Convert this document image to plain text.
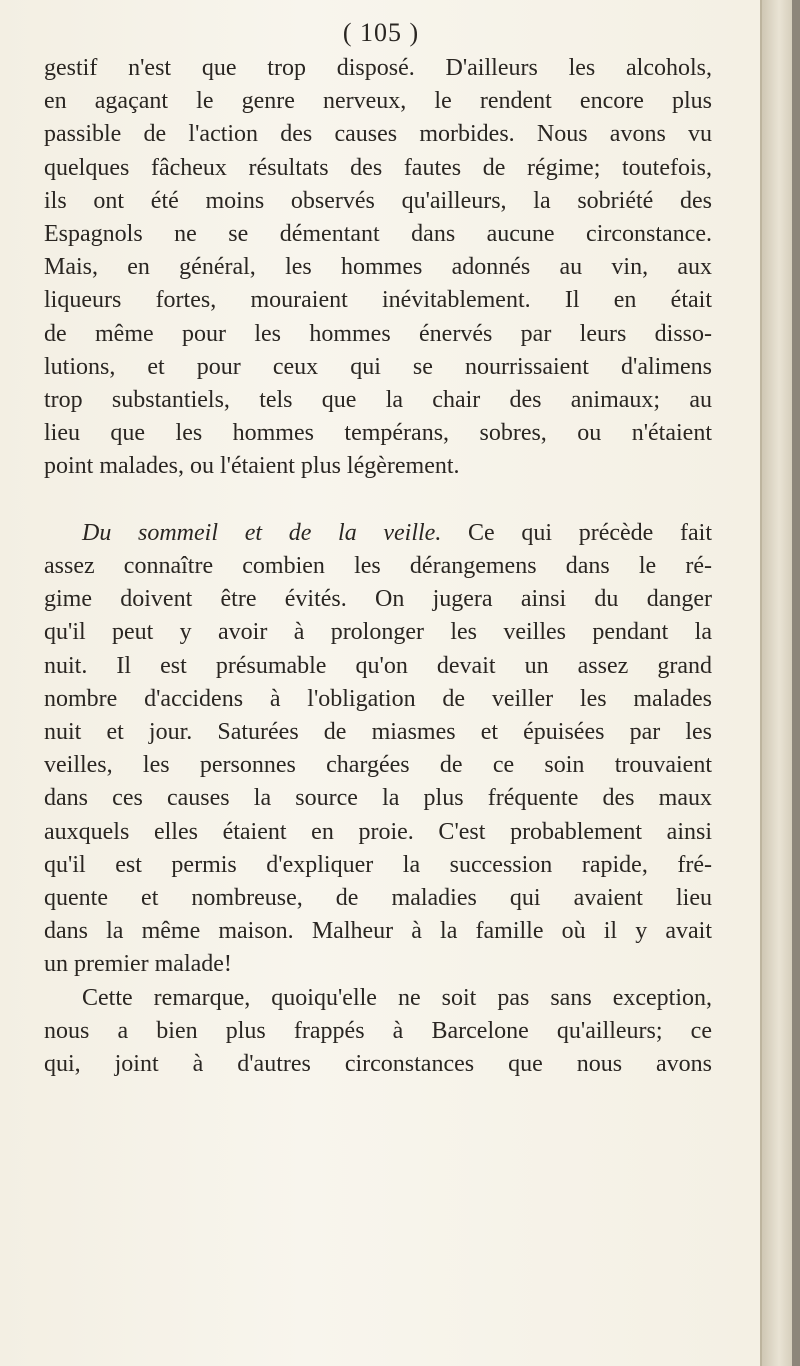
( 105 )
gestif n'est que trop disposé. D'ailleurs les alcohols,
en agaçant le genre nerveux, le rendent encore plus
passible de l'action des causes morbides. Nous avons vu
quelques fâcheux résultats des fautes de régime; toutefois,
ils ont été moins observés qu'ailleurs, la sobriété des
Espagnols ne se démentant dans aucune circonstance.
Mais, en général, les hommes adonnés au vin, aux
liqueurs fortes, mouraient inévitablement. Il en était
de même pour les hommes énervés par leurs disso-
lutions, et pour ceux qui se nourrissaient d'alimens
trop substantiels, tels que la chair des animaux; au
lieu que les hommes tempérans, sobres, ou n'étaient
point malades, ou l'étaient plus légèrement.

Du sommeil et de la veille. Ce qui précède fait
assez connaître combien les dérangemens dans le ré-
gime doivent être évités. On jugera ainsi du danger
qu'il peut y avoir à prolonger les veilles pendant la
nuit. Il est présumable qu'on devait un assez grand
nombre d'accidens à l'obligation de veiller les malades
nuit et jour. Saturées de miasmes et épuisées par les
veilles, les personnes chargées de ce soin trouvaient
dans ces causes la source la plus fréquente des maux
auxquels elles étaient en proie. C'est probablement ainsi
qu'il est permis d'expliquer la succession rapide, fré-
quente et nombreuse, de maladies qui avaient lieu
dans la même maison. Malheur à la famille où il y avait
un premier malade!
Cette remarque, quoiqu'elle ne soit pas sans exception,
nous a bien plus frappés à Barcelone qu'ailleurs; ce
qui, joint à d'autres circonstances que nous avons
